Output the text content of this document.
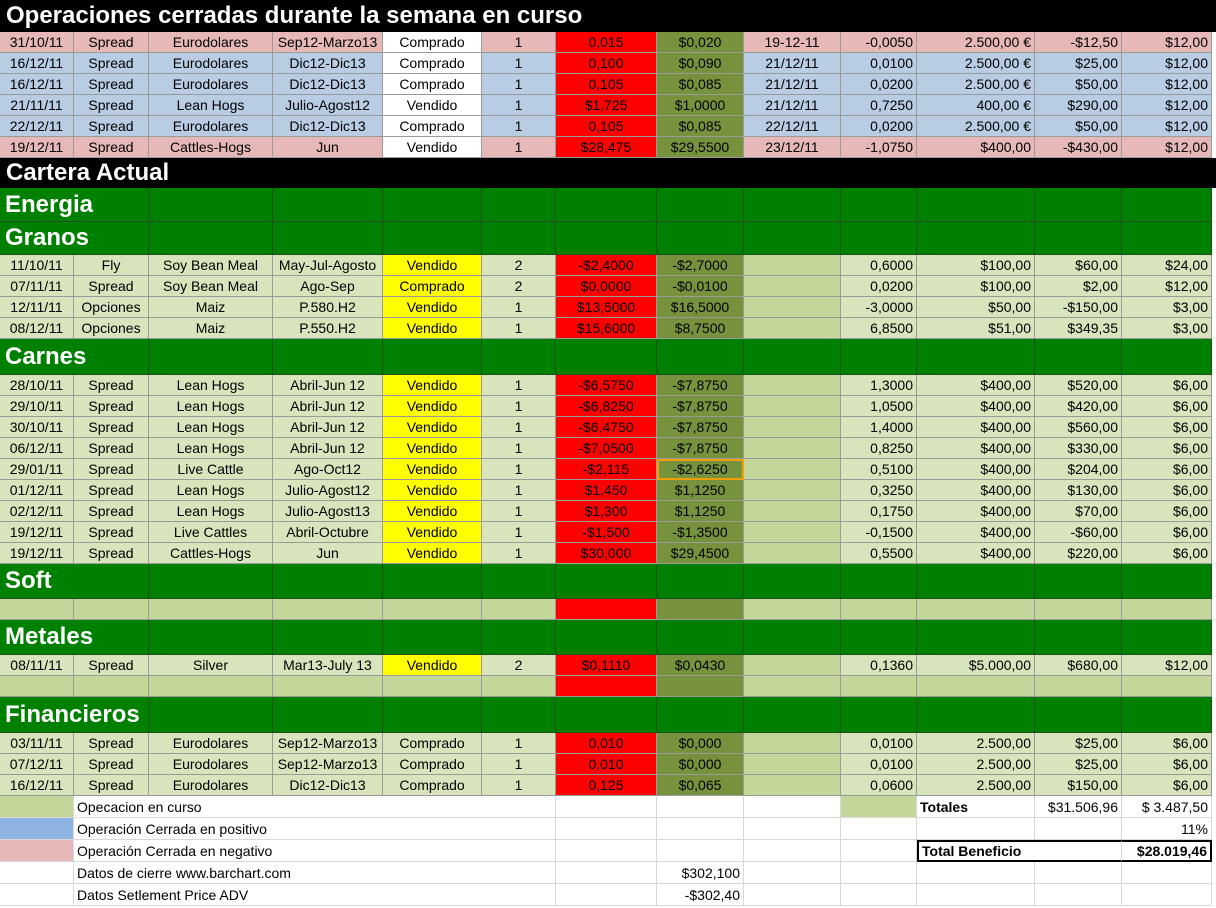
Operaciones cerradas durante la semana en curso
31/10/11	Spread	Eurodolares	Sep12-Marzo13	Comprado	1	0,015	$0,020	19-12-11	-0,0050	2.500,00 €	-$12,50	$12,00
16/12/11	Spread	Eurodolares	Dic12-Dic13	Comprado	1	0,100	$0,090	21/12/11	0,0100	2.500,00 €	$25,00	$12,00
16/12/11	Spread	Eurodolares	Dic12-Dic13	Comprado	1	0,105	$0,085	21/12/11	0,0200	2.500,00 €	$50,00	$12,00
21/11/11	Spread	Lean Hogs	Julio-Agost12	Vendido	1	$1,725	$1,0000	21/12/11	0,7250	400,00 €	$290,00	$12,00
22/12/11	Spread	Eurodolares	Dic12-Dic13	Comprado	1	0,105	$0,085	22/12/11	0,0200	2.500,00 €	$50,00	$12,00
19/12/11	Spread	Cattles-Hogs	Jun	Vendido	1	$28,475	$29,5500	23/12/11	-1,0750	$400,00	-$430,00	$12,00
Cartera Actual
Energia
Granos
11/10/11	Fly	Soy Bean Meal	May-Jul-Agosto	Vendido	2	-$2,4000	-$2,7000	0,6000	$100,00	$60,00	$24,00
07/11/11	Spread	Soy Bean Meal	Ago-Sep	Comprado	2	$0,0000	-$0,0100	0,0200	$100,00	$2,00	$12,00
12/11/11	Opciones	Maiz	P.580.H2	Vendido	1	$13,5000	$16,5000	-3,0000	$50,00	-$150,00	$3,00
08/12/11	Opciones	Maiz	P.550.H2	Vendido	1	$15,6000	$8,7500	6,8500	$51,00	$349,35	$3,00
Carnes
28/10/11	Spread	Lean Hogs	Abril-Jun 12	Vendido	1	-$6,5750	-$7,8750	1,3000	$400,00	$520,00	$6,00
29/10/11	Spread	Lean Hogs	Abril-Jun 12	Vendido	1	-$6,8250	-$7,8750	1,0500	$400,00	$420,00	$6,00
30/10/11	Spread	Lean Hogs	Abril-Jun 12	Vendido	1	-$6,4750	-$7,8750	1,4000	$400,00	$560,00	$6,00
06/12/11	Spread	Lean Hogs	Abril-Jun 12	Vendido	1	-$7,0500	-$7,8750	0,8250	$400,00	$330,00	$6,00
29/01/11	Spread	Live Cattle	Ago-Oct12	Vendido	1	-$2,115	-$2,6250	0,5100	$400,00	$204,00	$6,00
01/12/11	Spread	Lean Hogs	Julio-Agost12	Vendido	1	$1,450	$1,1250	0,3250	$400,00	$130,00	$6,00
02/12/11	Spread	Lean Hogs	Julio-Agost13	Vendido	1	$1,300	$1,1250	0,1750	$400,00	$70,00	$6,00
19/12/11	Spread	Live Cattles	Abril-Octubre	Vendido	1	-$1,500	-$1,3500	-0,1500	$400,00	-$60,00	$6,00
19/12/11	Spread	Cattles-Hogs	Jun	Vendido	1	$30,000	$29,4500	0,5500	$400,00	$220,00	$6,00
Soft
Metales
08/11/11	Spread	Silver	Mar13-July 13	Vendido	2	$0,1110	$0,0430	0,1360	$5.000,00	$680,00	$12,00
Financieros
03/11/11	Spread	Eurodolares	Sep12-Marzo13	Comprado	1	0,010	$0,000	0,0100	2.500,00	$25,00	$6,00
07/12/11	Spread	Eurodolares	Sep12-Marzo13	Comprado	1	0,010	$0,000	0,0100	2.500,00	$25,00	$6,00
16/12/11	Spread	Eurodolares	Dic12-Dic13	Comprado	1	0,125	$0,065	0,0600	2.500,00	$150,00	$6,00
Opecacion en curso	Totales	$31.506,96	$ 3.487,50
Operación Cerrada en positivo	11%
Operación Cerrada en negativo	Total Beneficio	$28.019,46
Datos de cierre www.barchart.com	$302,100
Datos Setlement Price ADV	-$302,40
